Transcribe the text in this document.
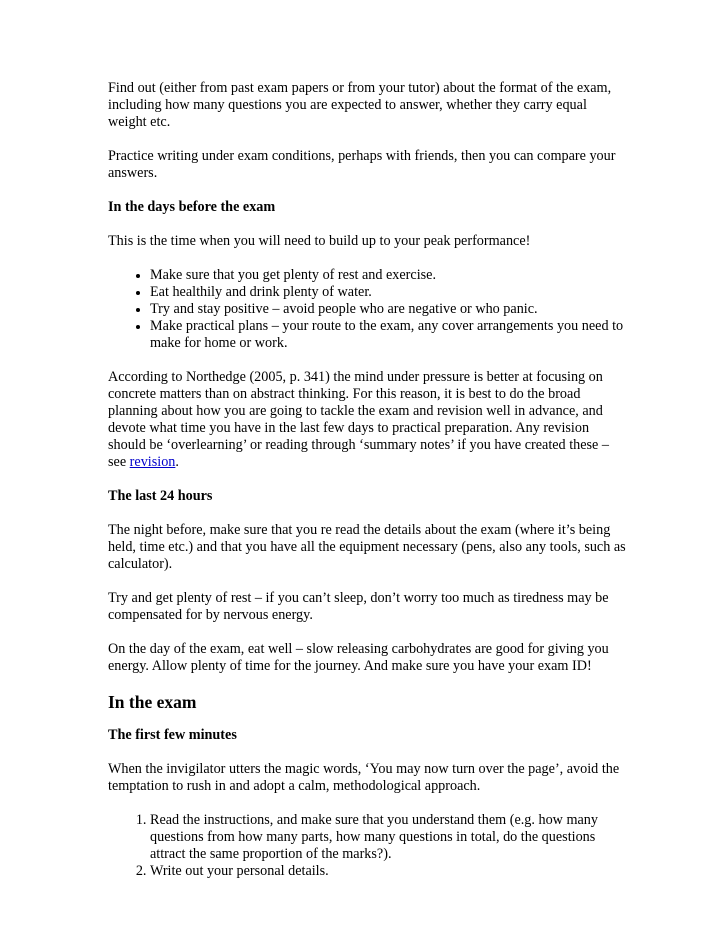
Find out (either from past exam papers or from your tutor) about the format of the exam, including how many questions you are expected to answer, whether they carry equal weight etc.

Practice writing under exam conditions, perhaps with friends, then you can compare your answers.

In the days before the exam

This is the time when you will need to build up to your peak performance!

• Make sure that you get plenty of rest and exercise.
• Eat healthily and drink plenty of water.
• Try and stay positive – avoid people who are negative or who panic.
• Make practical plans – your route to the exam, any cover arrangements you need to make for home or work.

According to Northedge (2005, p. 341) the mind under pressure is better at focusing on concrete matters than on abstract thinking. For this reason, it is best to do the broad planning about how you are going to tackle the exam and revision well in advance, and devote what time you have in the last few days to practical preparation. Any revision should be ‘overlearning’ or reading through ‘summary notes’ if you have created these – see revision.

The last 24 hours

The night before, make sure that you re read the details about the exam (where it’s being held, time etc.) and that you have all the equipment necessary (pens, also any tools, such as calculator).

Try and get plenty of rest – if you can’t sleep, don’t worry too much as tiredness may be compensated for by nervous energy.

On the day of the exam, eat well – slow releasing carbohydrates are good for giving you energy. Allow plenty of time for the journey. And make sure you have your exam ID!

In the exam
The first few minutes

When the invigilator utters the magic words, ‘You may now turn over the page’, avoid the temptation to rush in and adopt a calm, methodological approach.

1. Read the instructions, and make sure that you understand them (e.g. how many questions from how many parts, how many questions in total, do the questions attract the same proportion of the marks?).
2. Write out your personal details.
